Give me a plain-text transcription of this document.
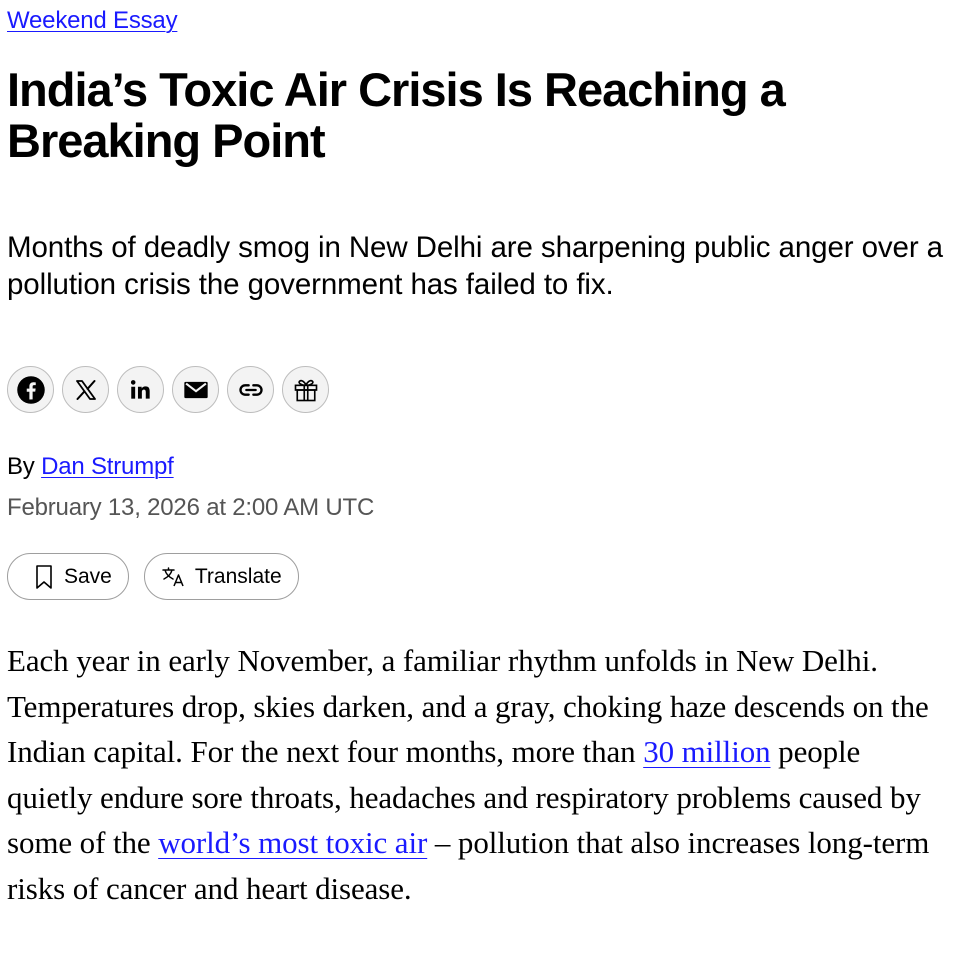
Weekend Essay
India’s Toxic Air Crisis Is Reaching a Breaking Point

Months of deadly smog in New Delhi are sharpening public anger over a pollution crisis the government has failed to fix.

By Dan Strumpf
February 13, 2026 at 2:00 AM UTC
Save	Translate

Each year in early November, a familiar rhythm unfolds in New Delhi. Temperatures drop, skies darken, and a gray, choking haze descends on the Indian capital. For the next four months, more than 30 million people quietly endure sore throats, headaches and respiratory problems caused by some of the world’s most toxic air – pollution that also increases long-term risks of cancer and heart disease.
